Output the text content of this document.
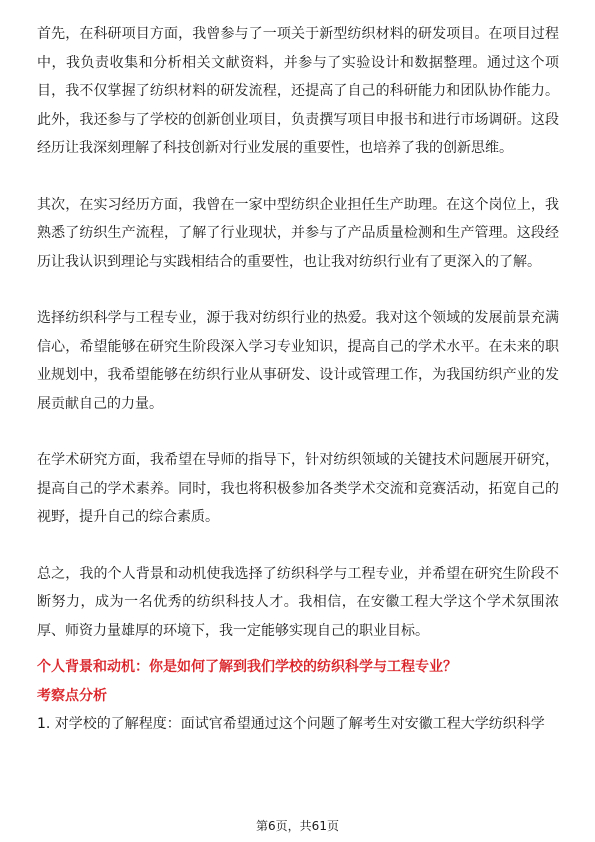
首先，在科研项目方面，我曾参与了一项关于新型纺织材料的研发项目。在项目过程中，我负责收集和分析相关文献资料，并参与了实验设计和数据整理。通过这个项目，我不仅掌握了纺织材料的研发流程，还提高了自己的科研能力和团队协作能力。此外，我还参与了学校的创新创业项目，负责撰写项目申报书和进行市场调研。这段经历让我深刻理解了科技创新对行业发展的重要性，也培养了我的创新思维。

其次，在实习经历方面，我曾在一家中型纺织企业担任生产助理。在这个岗位上，我熟悉了纺织生产流程，了解了行业现状，并参与了产品质量检测和生产管理。这段经历让我认识到理论与实践相结合的重要性，也让我对纺织行业有了更深入的了解。

选择纺织科学与工程专业，源于我对纺织行业的热爱。我对这个领域的发展前景充满信心，希望能够在研究生阶段深入学习专业知识，提高自己的学术水平。在未来的职业规划中，我希望能够在纺织行业从事研发、设计或管理工作，为我国纺织产业的发展贡献自己的力量。

在学术研究方面，我希望在导师的指导下，针对纺织领域的关键技术问题展开研究，提高自己的学术素养。同时，我也将积极参加各类学术交流和竞赛活动，拓宽自己的视野，提升自己的综合素质。

总之，我的个人背景和动机使我选择了纺织科学与工程专业，并希望在研究生阶段不断努力，成为一名优秀的纺织科技人才。我相信，在安徽工程大学这个学术氛围浓厚、师资力量雄厚的环境下，我一定能够实现自己的职业目标。

个人背景和动机：你是如何了解到我们学校的纺织科学与工程专业？

考察点分析

1. 对学校的了解程度：面试官希望通过这个问题了解考生对安徽工程大学纺织科学

第6页，共61页
